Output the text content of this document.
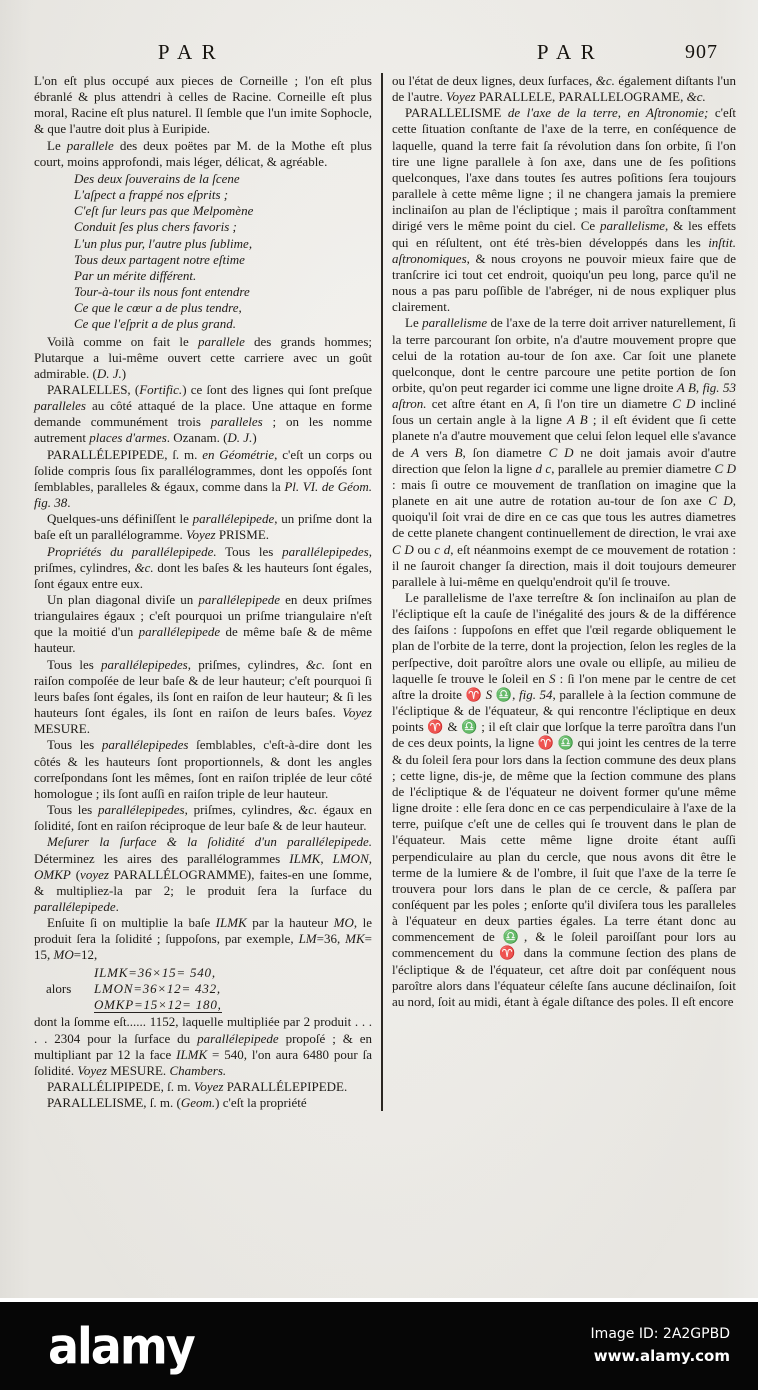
PAR	PAR	907

L'on eſt plus occupé aux pieces de Corneille ; l'on eſt plus ébranlé & plus attendri à celles de Racine. Corneille eſt plus moral, Racine eſt plus naturel. Il ſemble que l'un imite Sophocle, & que l'autre doit plus à Euripide.

Le parallele des deux poëtes par M. de la Mothe eſt plus court, moins approfondi, mais léger, délicat, & agréable.

Des deux ſouverains de la ſcene
L'aſpect a frappé nos eſprits ;
C'eſt ſur leurs pas que Melpomène
Conduit ſes plus chers favoris ;
L'un plus pur, l'autre plus ſublime,
Tous deux partagent notre eſtime
Par un mérite différent.
Tour-à-tour ils nous font entendre
Ce que le cœur a de plus tendre,
Ce que l'eſprit a de plus grand.

Voilà comme on fait le parallele des grands hommes; Plutarque a lui-même ouvert cette carriere avec un goût admirable. (D. J.)

PARALELLES, (Fortific.) ce ſont des lignes qui ſont preſque paralleles au côté attaqué de la place. Une attaque en forme demande communément trois paralleles ; on les nomme autrement places d'armes. Ozanam. (D. J.)

PARALLÉLEPIPEDE, ſ. m. en Géométrie, c'eſt un corps ou ſolide compris ſous ſix parallélogrammes, dont les oppoſés ſont ſemblables, paralleles & égaux, comme dans la Pl. VI. de Géom. fig. 38.

Quelques-uns définiſſent le parallélepipede, un priſme dont la baſe eſt un parallélogramme. Voyez PRISME.

Propriétés du parallélepipede. Tous les parallélepipedes, priſmes, cylindres, &c. dont les baſes & les hauteurs ſont égales, ſont égaux entre eux.

Un plan diagonal diviſe un parallélepipede en deux priſmes triangulaires égaux ; c'eſt pourquoi un priſme triangulaire n'eſt que la moitié d'un parallélepipede de même baſe & de même hauteur.

Tous les parallélepipedes, priſmes, cylindres, &c. ſont en raiſon compoſée de leur baſe & de leur hauteur; c'eſt pourquoi ſi leurs baſes ſont égales, ils ſont en raiſon de leur hauteur; & ſi les hauteurs ſont égales, ils ſont en raiſon de leurs baſes. Voyez MESURE.

Tous les parallélepipedes ſemblables, c'eſt-à-dire dont les côtés & les hauteurs ſont proportionnels, & dont les angles correſpondans ſont les mêmes, ſont en raiſon triplée de leur côté homologue ; ils ſont auſſi en raiſon triple de leur hauteur.

Tous les parallélepipedes, priſmes, cylindres, &c. égaux en ſolidité, ſont en raiſon réciproque de leur baſe & de leur hauteur.

Meſurer la ſurface & la ſolidité d'un parallélepipede. Déterminez les aires des parallélogrammes ILMK, LMON, OMKP (voyez PARALLÉLOGRAMME), faites-en une ſomme, & multipliez-la par 2; le produit ſera la ſurface du parallélepipede.

Enſuite ſi on multiplie la baſe ILMK par la hauteur MO, le produit ſera la ſolidité ; ſuppoſons, par exemple, LM=36, MK= 15, MO=12,

ILMK=36×15= 540,
alors LMON=36×12= 432,
OMKP=15×12= 180,

dont la ſomme eſt...... 1152, laquelle multipliée par 2 produit . . . . . 2304 pour la ſurface du parallélepipede propoſé ; & en multipliant par 12 la face ILMK = 540, l'on aura 6480 pour ſa ſolidité. Voyez MESURE. Chambers.

PARALLÉLIPIPEDE, ſ. m. Voyez PARALLÉLEPIPEDE.

PARALLELISME, ſ. m. (Geom.) c'eſt la propriété

ou l'état de deux lignes, deux ſurfaces, &c. également diſtants l'un de l'autre. Voyez PARALLELE, PARALLELOGRAME, &c.

PARALLELISME de l'axe de la terre, en Aſtronomie; c'eſt cette ſituation conſtante de l'axe de la terre, en conſéquence de laquelle, quand la terre fait ſa révolution dans ſon orbite, ſi l'on tire une ligne parallele à ſon axe, dans une de ſes poſitions quelconques, l'axe dans toutes ſes autres poſitions ſera toujours parallele à cette même ligne ; il ne changera jamais la premiere inclinaiſon au plan de l'écliptique ; mais il paroîtra conſtamment dirigé vers le même point du ciel. Ce parallelisme, & les effets qui en réſultent, ont été très-bien développés dans les inſtit. aſtronomiques, & nous croyons ne pouvoir mieux faire que de tranſcrire ici tout cet endroit, quoiqu'un peu long, parce qu'il ne nous a pas paru poſſible de l'abréger, ni de nous expliquer plus clairement.

Le parallelisme de l'axe de la terre doit arriver naturellement, ſi la terre parcourant ſon orbite, n'a d'autre mouvement propre que celui de la rotation au-tour de ſon axe. Car ſoit une planete quelconque, dont le centre parcoure une petite portion de ſon orbite, qu'on peut regarder ici comme une ligne droite A B, fig. 53 aſtron. cet aſtre étant en A, ſi l'on tire un diametre C D incliné ſous un certain angle à la ligne A B ; il eſt évident que ſi cette planete n'a d'autre mouvement que celui ſelon lequel elle s'avance de A vers B, ſon diametre C D ne doit jamais avoir d'autre direction que ſelon la ligne d c, parallele au premier diametre C D : mais ſi outre ce mouvement de tranſlation on imagine que la planete en ait une autre de rotation au-tour de ſon axe C D, quoiqu'il ſoit vrai de dire en ce cas que tous les autres diametres de cette planete changent continuellement de direction, le vrai axe C D ou c d, eſt néanmoins exempt de ce mouvement de rotation : il ne ſauroit changer ſa direction, mais il doit toujours demeurer parallele à lui-même en quelqu'endroit qu'il ſe trouve.

Le parallelisme de l'axe terreſtre & ſon inclinaiſon au plan de l'écliptique eſt la cauſe de l'inégalité des jours & de la différence des ſaiſons : ſuppoſons en effet que l'œil regarde obliquement le plan de l'orbite de la terre, dont la projection, ſelon les regles de la perſpective, doit paroître alors une ovale ou ellipſe, au milieu de laquelle ſe trouve le ſoleil en S : ſi l'on mene par le centre de cet aſtre la droite ♈ S ♎, fig. 54, parallele à la ſection commune de l'écliptique & de l'équateur, & qui rencontre l'écliptique en deux points ♈ & ♎ ; il eſt clair que lorſque la terre paroîtra dans l'un de ces deux points, la ligne ♈ ♎ qui joint les centres de la terre & du ſoleil ſera pour lors dans la ſection commune des deux plans ; cette ligne, dis-je, de même que la ſection commune des plans de l'écliptique & de l'équateur ne doivent former qu'une même ligne droite : elle ſera donc en ce cas perpendiculaire à l'axe de la terre, puiſque c'eſt une de celles qui ſe trouvent dans le plan de l'équateur. Mais cette même ligne droite étant auſſi perpendiculaire au plan du cercle, que nous avons dit être le terme de la lumiere & de l'ombre, il ſuit que l'axe de la terre ſe trouvera pour lors dans le plan de ce cercle, & paſſera par conſéquent par les poles ; enſorte qu'il diviſera tous les paralleles à l'équateur en deux parties égales. La terre étant donc au commencement de ♎, & le ſoleil paroiſſant pour lors au commencement du ♈ dans la commune ſection des plans de l'écliptique & de l'équateur, cet aſtre doit par conſéquent nous paroître alors dans l'équateur céleſte ſans aucune déclinaiſon, ſoit au nord, ſoit au midi, étant à égale diſtance des poles. Il eſt encore

alamy	Image ID: 2A2GPBD
www.alamy.com
